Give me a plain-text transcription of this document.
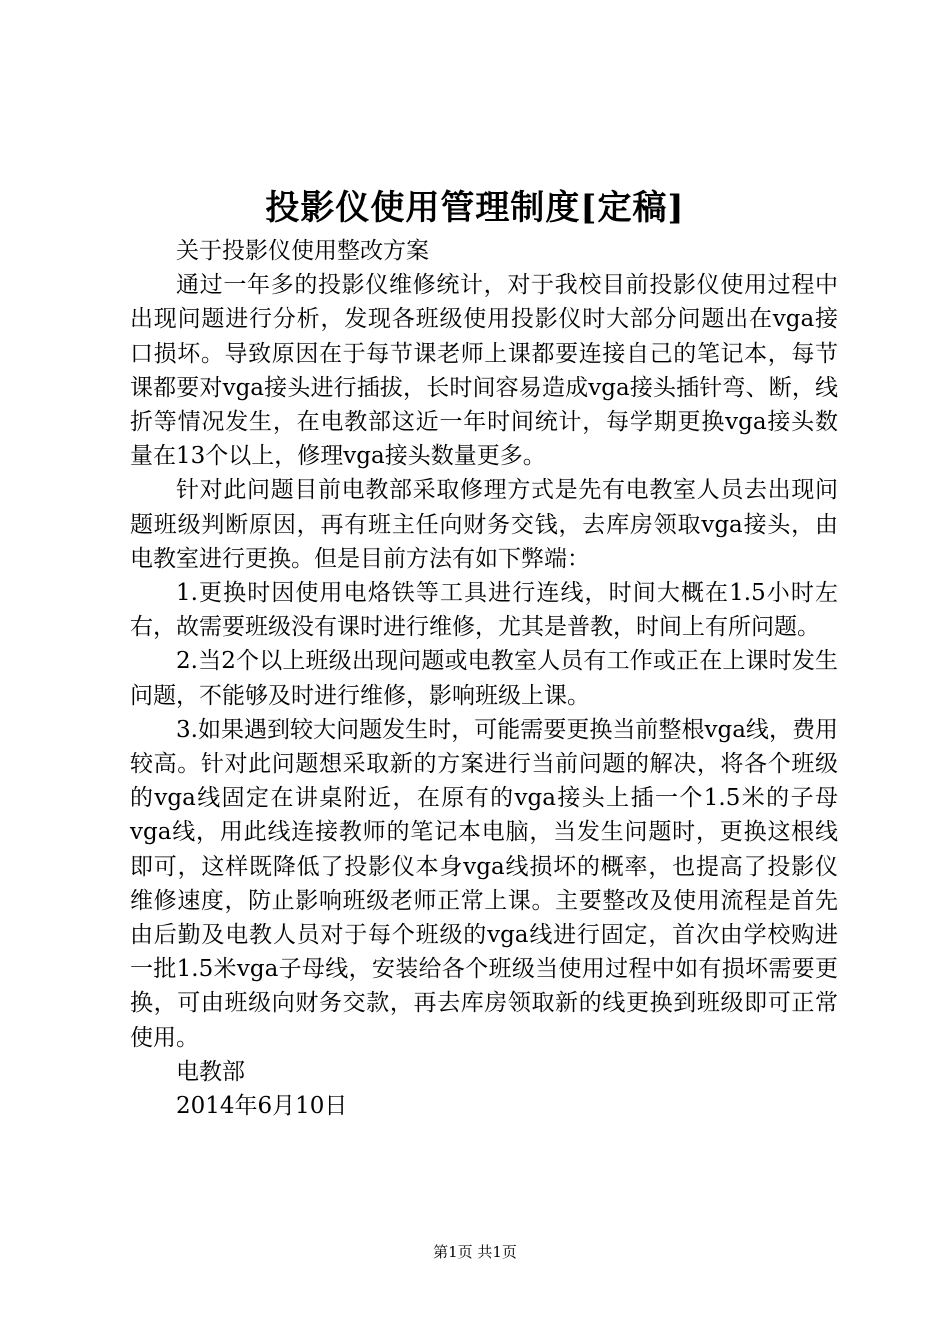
投影仪使用管理制度[定稿]

关于投影仪使用整改方案

通过一年多的投影仪维修统计，对于我校目前投影仪使用过程中出现问题进行分析，发现各班级使用投影仪时大部分问题出在vga接口损坏。导致原因在于每节课老师上课都要连接自己的笔记本，每节课都要对vga接头进行插拔，长时间容易造成vga接头插针弯、断，线折等情况发生，在电教部这近一年时间统计，每学期更换vga接头数量在13个以上，修理vga接头数量更多。

针对此问题目前电教部采取修理方式是先有电教室人员去出现问题班级判断原因，再有班主任向财务交钱，去库房领取vga接头，由电教室进行更换。但是目前方法有如下弊端：

1.更换时因使用电烙铁等工具进行连线，时间大概在1.5小时左右，故需要班级没有课时进行维修，尤其是普教，时间上有所问题。

2.当2个以上班级出现问题或电教室人员有工作或正在上课时发生问题，不能够及时进行维修，影响班级上课。

3.如果遇到较大问题发生时，可能需要更换当前整根vga线，费用较高。针对此问题想采取新的方案进行当前问题的解决，将各个班级的vga线固定在讲桌附近，在原有的vga接头上插一个1.5米的子母vga线，用此线连接教师的笔记本电脑，当发生问题时，更换这根线即可，这样既降低了投影仪本身vga线损坏的概率，也提高了投影仪维修速度，防止影响班级老师正常上课。主要整改及使用流程是首先由后勤及电教人员对于每个班级的vga线进行固定，首次由学校购进一批1.5米vga子母线，安装给各个班级当使用过程中如有损坏需要更换，可由班级向财务交款，再去库房领取新的线更换到班级即可正常使用。

电教部

2014年6月10日

第1页 共1页
